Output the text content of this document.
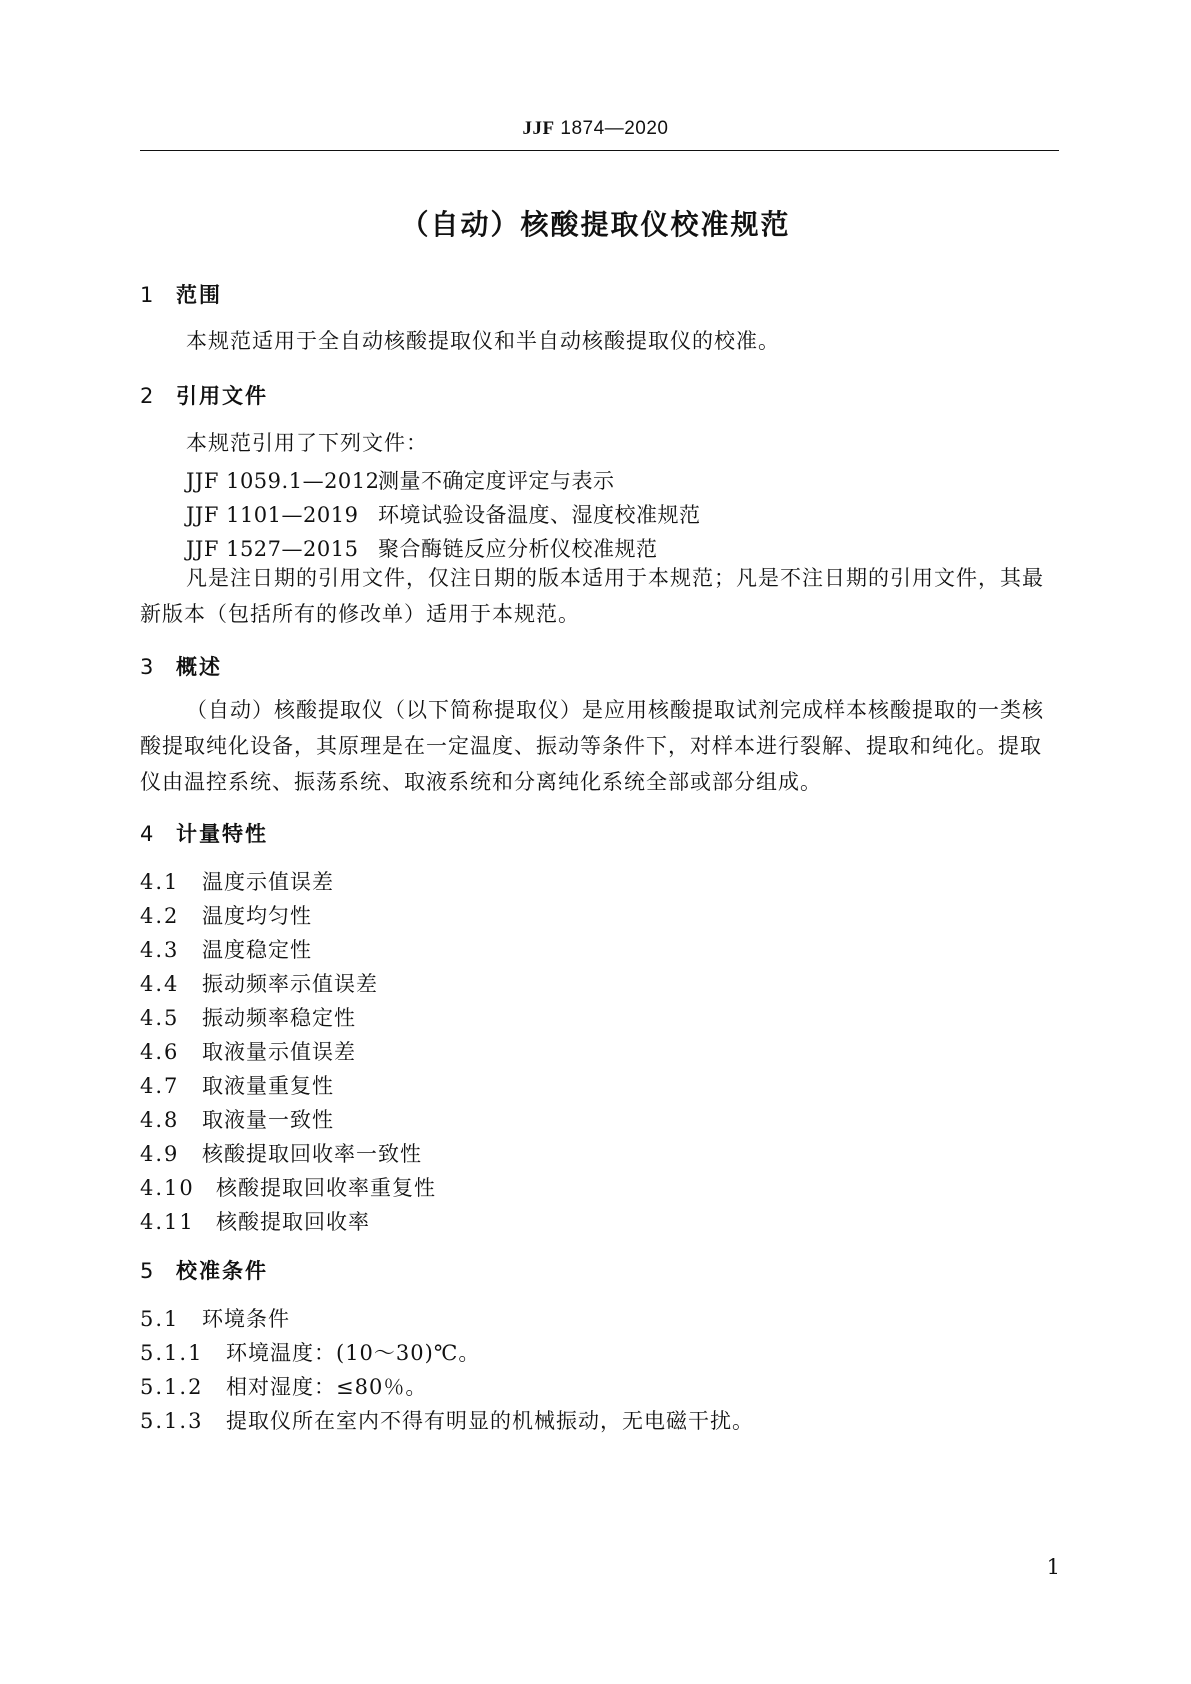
JJF 1874—2020
（自动）核酸提取仪校准规范
1 范围
本规范适用于全自动核酸提取仪和半自动核酸提取仪的校准。
2 引用文件
本规范引用了下列文件：
JJF 1059.1—2012测量不确定度评定与表示
JJF 1101—2019 环境试验设备温度、湿度校准规范
JJF 1527—2015 聚合酶链反应分析仪校准规范
凡是注日期的引用文件，仅注日期的版本适用于本规范；凡是不注日期的引用文件，其最新版本（包括所有的修改单）适用于本规范。
3 概述
（自动）核酸提取仪（以下简称提取仪）是应用核酸提取试剂完成样本核酸提取的一类核酸提取纯化设备，其原理是在一定温度、振动等条件下，对样本进行裂解、提取和纯化。提取仪由温控系统、振荡系统、取液系统和分离纯化系统全部或部分组成。
4 计量特性
4.1 温度示值误差
4.2 温度均匀性
4.3 温度稳定性
4.4 振动频率示值误差
4.5 振动频率稳定性
4.6 取液量示值误差
4.7 取液量重复性
4.8 取液量一致性
4.9 核酸提取回收率一致性
4.10 核酸提取回收率重复性
4.11 核酸提取回收率
5 校准条件
5.1 环境条件
5.1.1 环境温度：(10～30)℃。
5.1.2 相对湿度：≤80％。
5.1.3 提取仪所在室内不得有明显的机械振动，无电磁干扰。
1
